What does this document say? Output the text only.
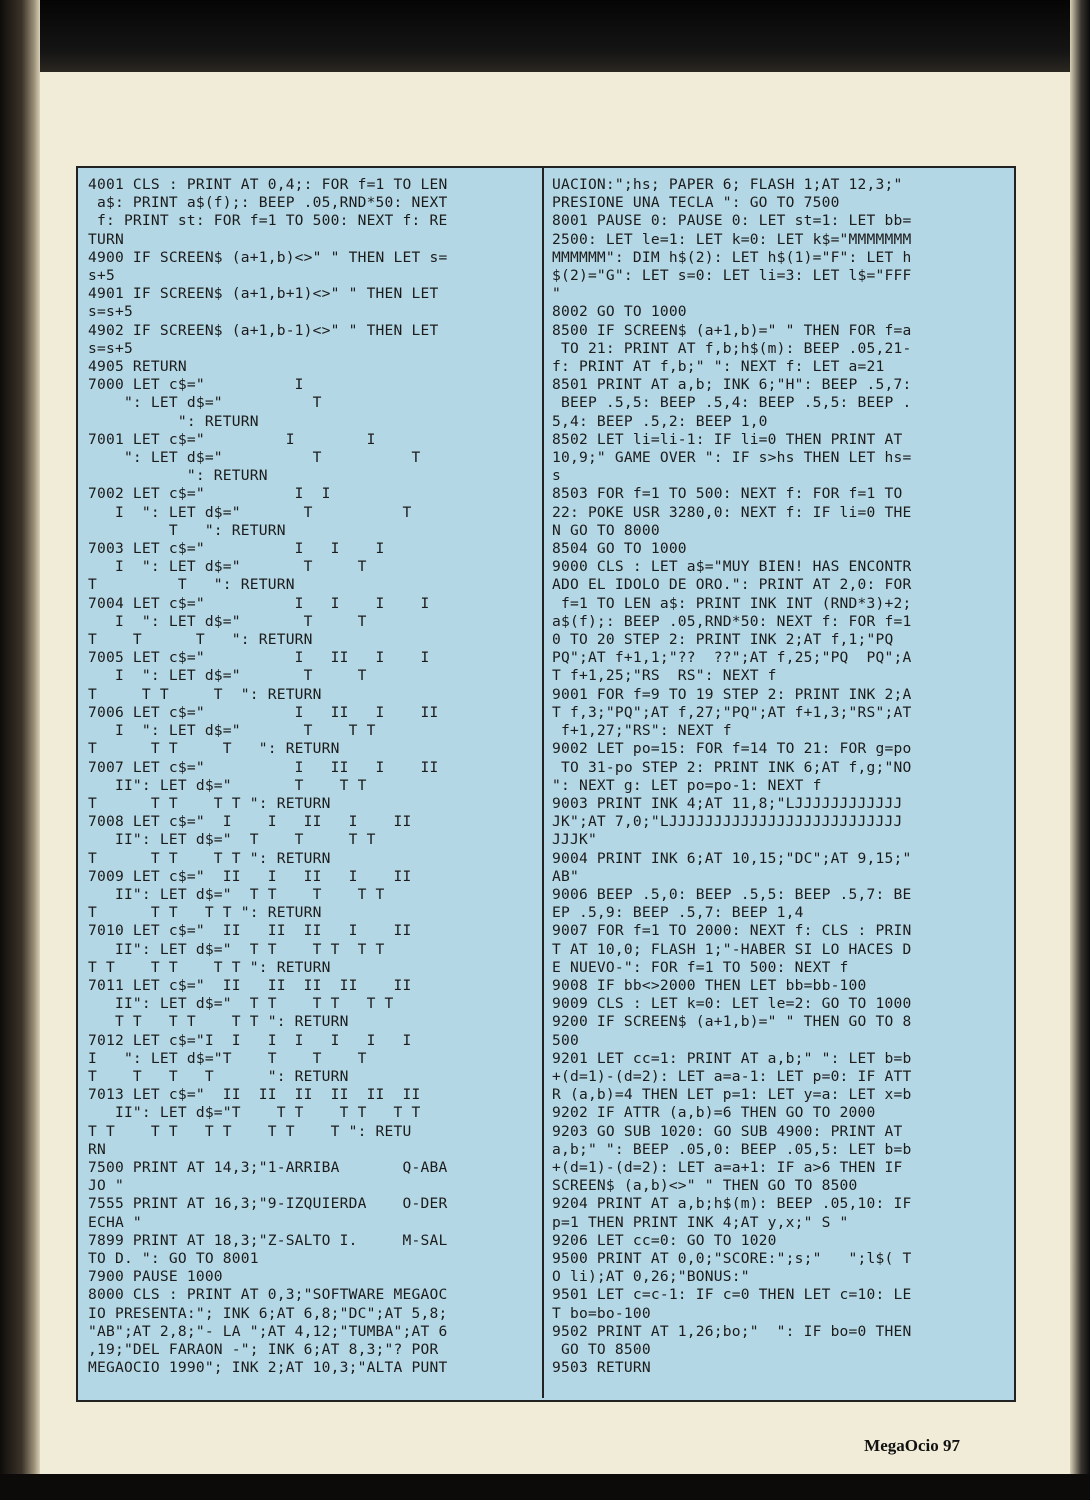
4001 CLS : PRINT AT 0,4;: FOR f=1 TO LEN
a$: PRINT a$(f);: BEEP .05,RND*50: NEXT
f: PRINT st: FOR f=1 TO 500: NEXT f: RE
TURN
4900 IF SCREEN$ (a+1,b)<>" " THEN LET s=
s+5
4901 IF SCREEN$ (a+1,b+1)<>" " THEN LET
s=s+5
4902 IF SCREEN$ (a+1,b-1)<>" " THEN LET
s=s+5
4905 RETURN
7000 LET c$="          I
": LET d$="          T
": RETURN
7001 LET c$="         I        I
": LET d$="          T          T
": RETURN
7002 LET c$="          I  I
I  ": LET d$="       T          T
T   ": RETURN
7003 LET c$="          I   I    I
I  ": LET d$="       T     T
T         T   ": RETURN
7004 LET c$="          I   I    I    I
I  ": LET d$="       T     T
T    T      T   ": RETURN
7005 LET c$="          I   II   I    I
I  ": LET d$="       T     T
T     T T     T  ": RETURN
7006 LET c$="          I   II   I    II
I  ": LET d$="       T    T T
T      T T     T   ": RETURN
7007 LET c$="          I   II   I    II
II": LET d$="       T    T T
T      T T    T T ": RETURN
7008 LET c$="  I    I   II   I    II
II": LET d$="  T    T     T T
T      T T    T T ": RETURN
7009 LET c$="  II   I   II   I    II
II": LET d$="  T T    T    T T
T      T T   T T ": RETURN
7010 LET c$="  II   II  II   I    II
II": LET d$="  T T    T T  T T
T T    T T    T T ": RETURN
7011 LET c$="  II   II  II  II    II
II": LET d$="  T T    T T   T T
T T   T T    T T ": RETURN
7012 LET c$="I  I   I  I   I   I   I
I   ": LET d$="T    T    T    T
T    T   T   T      ": RETURN
7013 LET c$="  II  II  II  II  II  II
II": LET d$="T    T T    T T   T T
T T    T T   T T    T T    T ": RETU
RN
7500 PRINT AT 14,3;"1-ARRIBA       Q-ABA
JO "
7555 PRINT AT 16,3;"9-IZQUIERDA    O-DER
ECHA "
7899 PRINT AT 18,3;"Z-SALTO I.     M-SAL
TO D. ": GO TO 8001
7900 PAUSE 1000
8000 CLS : PRINT AT 0,3;"SOFTWARE MEGAOC
IO PRESENTA:"; INK 6;AT 6,8;"DC";AT 5,8;
"AB";AT 2,8;"- LA ";AT 4,12;"TUMBA";AT 6
,19;"DEL FARAON -"; INK 6;AT 8,3;"? POR
MEGAOCIO 1990"; INK 2;AT 10,3;"ALTA PUNT
UACION:";hs; PAPER 6; FLASH 1;AT 12,3;"
PRESIONE UNA TECLA ": GO TO 7500
8001 PAUSE 0: PAUSE 0: LET st=1: LET bb=
2500: LET le=1: LET k=0: LET k$="MMMMMMM
MMMMMM": DIM h$(2): LET h$(1)="F": LET h
$(2)="G": LET s=0: LET li=3: LET l$="FFF
"
8002 GO TO 1000
8500 IF SCREEN$ (a+1,b)=" " THEN FOR f=a
TO 21: PRINT AT f,b;h$(m): BEEP .05,21-
f: PRINT AT f,b;" ": NEXT f: LET a=21
8501 PRINT AT a,b; INK 6;"H": BEEP .5,7:
BEEP .5,5: BEEP .5,4: BEEP .5,5: BEEP .
5,4: BEEP .5,2: BEEP 1,0
8502 LET li=li-1: IF li=0 THEN PRINT AT
10,9;" GAME OVER ": IF s>hs THEN LET hs=
s
8503 FOR f=1 TO 500: NEXT f: FOR f=1 TO
22: POKE USR 3280,0: NEXT f: IF li=0 THE
N GO TO 8000
8504 GO TO 1000
9000 CLS : LET a$="MUY BIEN! HAS ENCONTR
ADO EL IDOLO DE ORO.": PRINT AT 2,0: FOR
f=1 TO LEN a$: PRINT INK INT (RND*3)+2;
a$(f);: BEEP .05,RND*50: NEXT f: FOR f=1
0 TO 20 STEP 2: PRINT INK 2;AT f,1;"PQ
PQ";AT f+1,1;"??  ??";AT f,25;"PQ  PQ";A
T f+1,25;"RS  RS": NEXT f
9001 FOR f=9 TO 19 STEP 2: PRINT INK 2;A
T f,3;"PQ";AT f,27;"PQ";AT f+1,3;"RS";AT
f+1,27;"RS": NEXT f
9002 LET po=15: FOR f=14 TO 21: FOR g=po
TO 31-po STEP 2: PRINT INK 6;AT f,g;"NO
": NEXT g: LET po=po-1: NEXT f
9003 PRINT INK 4;AT 11,8;"LJJJJJJJJJJJJ
JK";AT 7,0;"LJJJJJJJJJJJJJJJJJJJJJJJJJJ
JJJK"
9004 PRINT INK 6;AT 10,15;"DC";AT 9,15;"
AB"
9006 BEEP .5,0: BEEP .5,5: BEEP .5,7: BE
EP .5,9: BEEP .5,7: BEEP 1,4
9007 FOR f=1 TO 2000: NEXT f: CLS : PRIN
T AT 10,0; FLASH 1;"-HABER SI LO HACES D
E NUEVO-": FOR f=1 TO 500: NEXT f
9008 IF bb<>2000 THEN LET bb=bb-100
9009 CLS : LET k=0: LET le=2: GO TO 1000
9200 IF SCREEN$ (a+1,b)=" " THEN GO TO 8
500
9201 LET cc=1: PRINT AT a,b;" ": LET b=b
+(d=1)-(d=2): LET a=a-1: LET p=0: IF ATT
R (a,b)=4 THEN LET p=1: LET y=a: LET x=b
9202 IF ATTR (a,b)=6 THEN GO TO 2000
9203 GO SUB 1020: GO SUB 4900: PRINT AT
a,b;" ": BEEP .05,0: BEEP .05,5: LET b=b
+(d=1)-(d=2): LET a=a+1: IF a>6 THEN IF
SCREEN$ (a,b)<>" " THEN GO TO 8500
9204 PRINT AT a,b;h$(m): BEEP .05,10: IF
p=1 THEN PRINT INK 4;AT y,x;" S "
9206 LET cc=0: GO TO 1020
9500 PRINT AT 0,0;"SCORE:";s;"   ";l$( T
O li);AT 0,26;"BONUS:"
9501 LET c=c-1: IF c=0 THEN LET c=10: LE
T bo=bo-100
9502 PRINT AT 1,26;bo;"  ": IF bo=0 THEN
GO TO 8500
9503 RETURN
MegaOcio 97
